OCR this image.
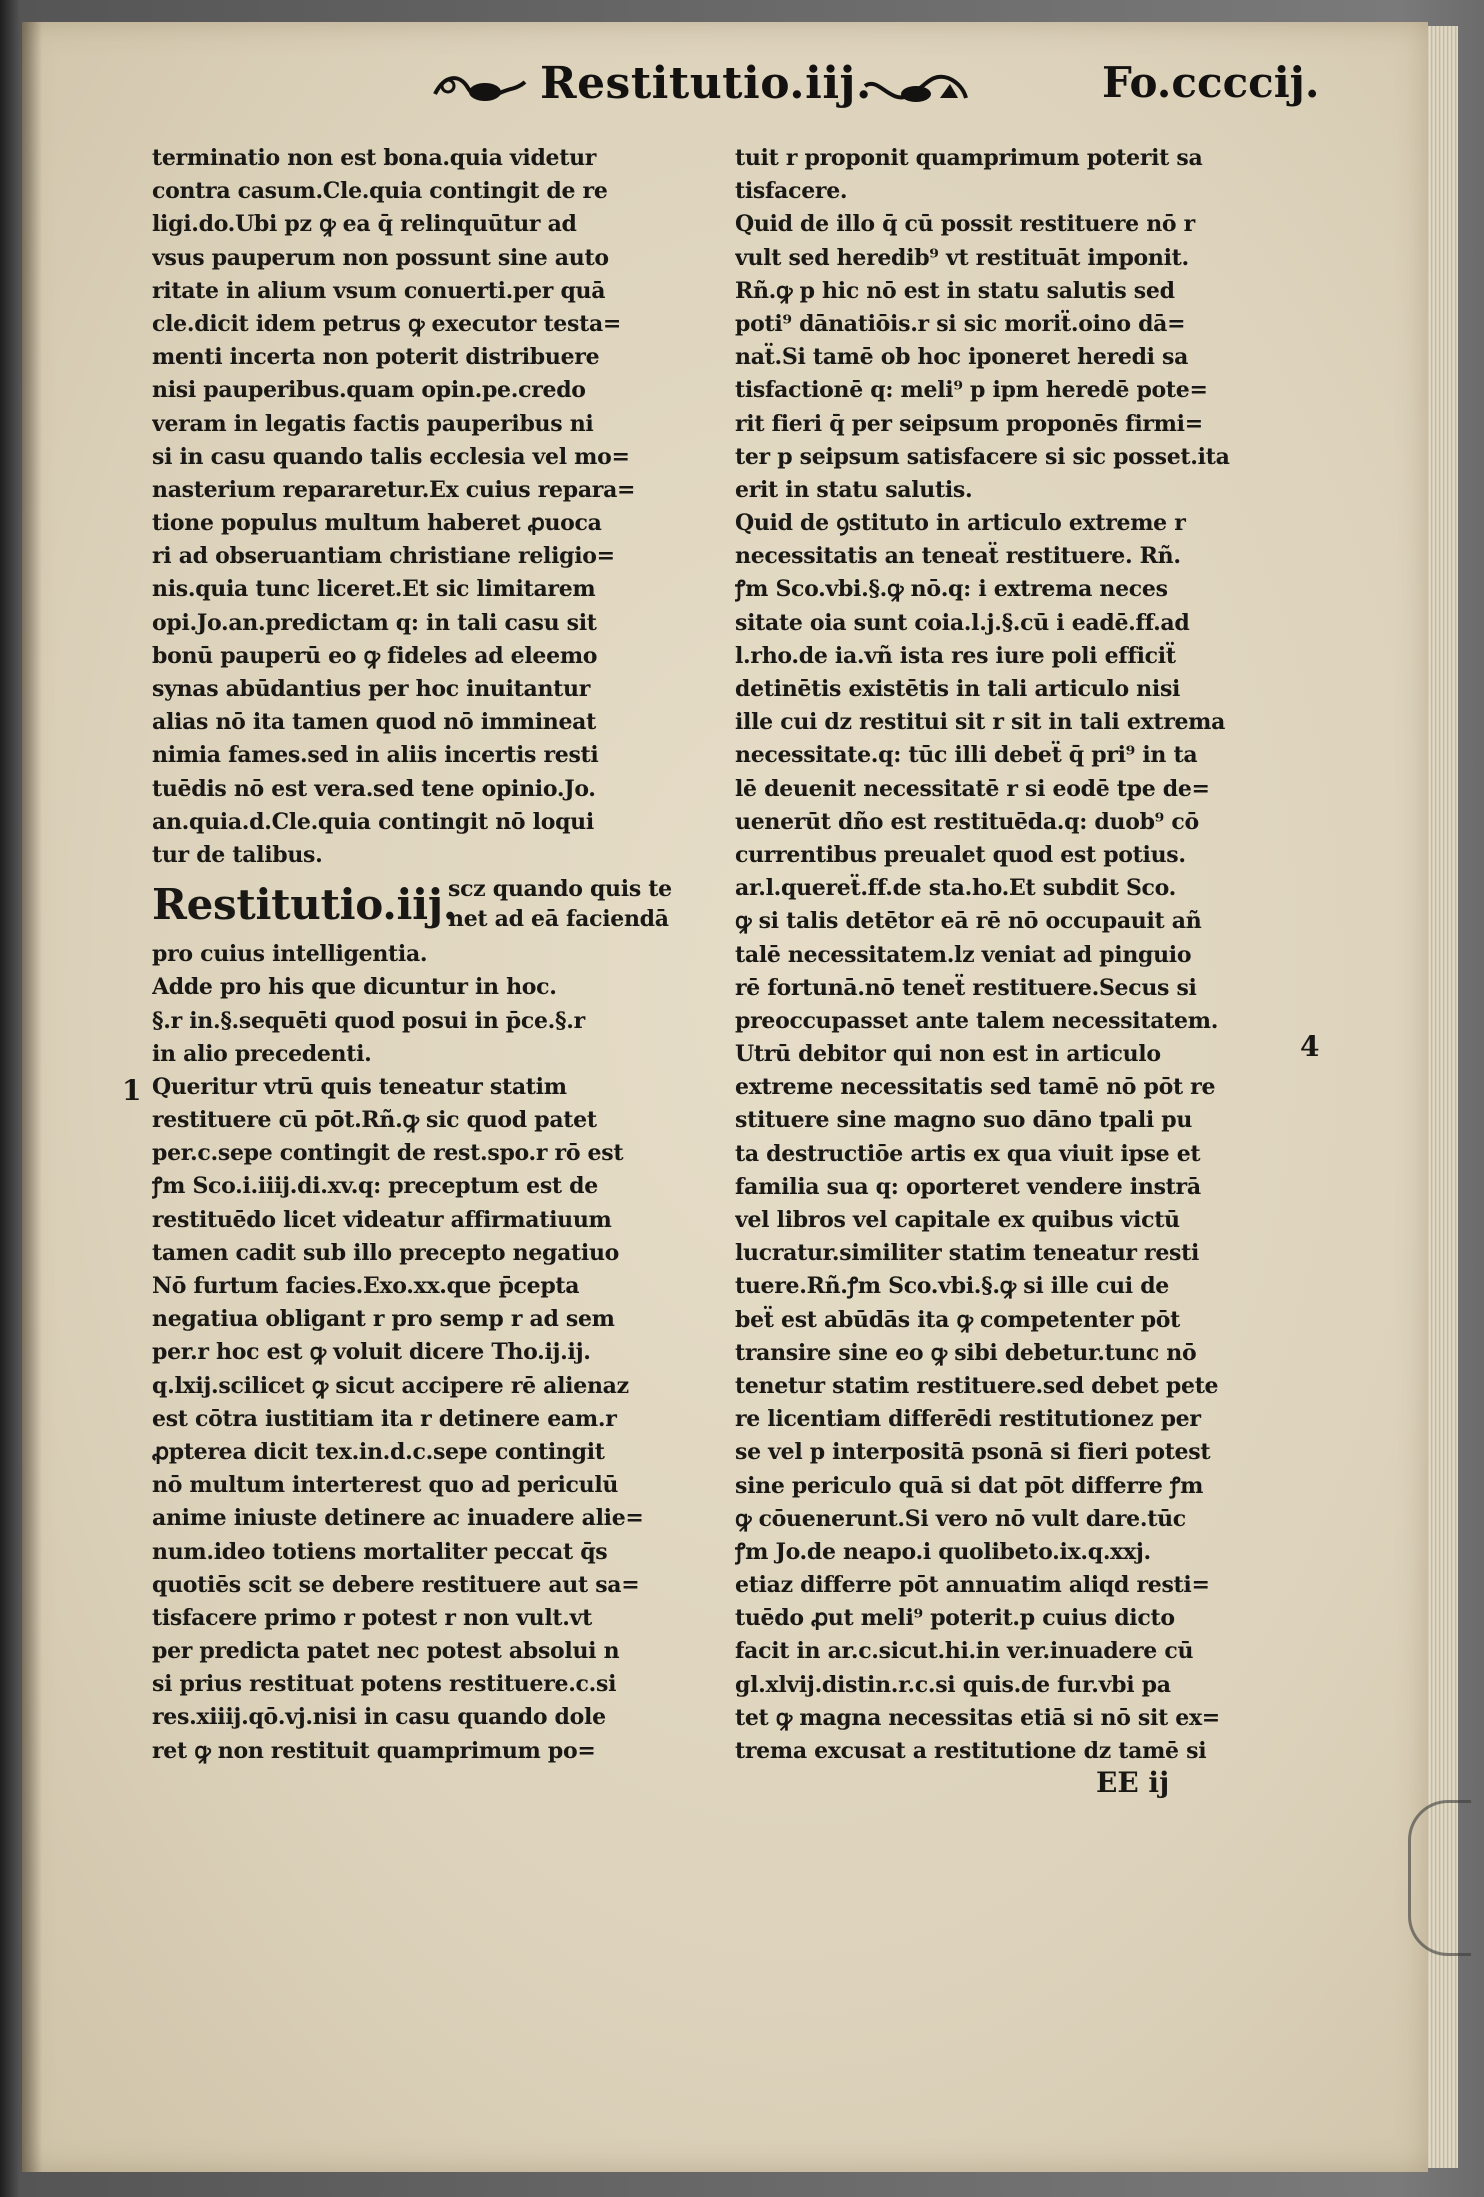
Restitutio.iij.	Fo.ccccij.
terminatio non est bona.quia videtur
contra casum.Cle.quia contingit de re
ligi.do.Ubi pz ꝙ ea q̄ relinquūtur ad
vsus pauperum non possunt sine auto
ritate in alium vsum conuerti.per quā
cle.dicit idem petrus ꝙ executor testa=
menti incerta non poterit distribuere
nisi pauperibus.quam opin.pe.credo
veram in legatis factis pauperibus ni
si in casu quando talis ecclesia vel mo=
nasterium repararetur.Ex cuius repara=
tione populus multum haberet ꝓuoca
ri ad obseruantiam christiane religio=
nis.quia tunc liceret.Et sic limitarem
opi.Jo.an.predictam q: in tali casu sit
bonū pauperū eo ꝙ fideles ad eleemo
synas abūdantius per hoc inuitantur
alias nō ita tamen quod nō immineat
nimia fames.sed in aliis incertis resti
tuēdis nō est vera.sed tene opinio.Jo.
an.quia.d.Cle.quia contingit nō loqui
tur de talibus.
Restitutio.iij.
scz quando quis te
net ad eā faciendā
pro cuius intelligentia.
Adde pro his que dicuntur in hoc.
§.r in.§.sequēti quod posui in p̄ce.§.r
in alio precedenti.
Queritur vtrū quis teneatur statim
restituere cū pōt.Rñ.ꝙ sic quod patet
per.c.sepe contingit de rest.spo.r rō est
ꝭm Sco.i.iiij.di.xv.q: preceptum est de
restituēdo licet videatur affirmatiuum
tamen cadit sub illo precepto negatiuo
Nō furtum facies.Exo.xx.que p̄cepta
negatiua obligant r pro semp r ad sem
per.r hoc est ꝙ voluit dicere Tho.ij.ij.
q.lxij.scilicet ꝙ sicut accipere rē alienaz
est cōtra iustitiam ita r detinere eam.r
ꝓpterea dicit tex.in.d.c.sepe contingit
nō multum interterest quo ad periculū
anime iniuste detinere ac inuadere alie=
num.ideo totiens mortaliter peccat q̄s
quotiēs scit se debere restituere aut sa=
tisfacere primo r potest r non vult.vt
per predicta patet nec potest absolui n
si prius restituat potens restituere.c.si
res.xiiij.qō.vj.nisi in casu quando dole
ret ꝙ non restituit quamprimum po=
1
tuit r proponit quamprimum poterit sa
tisfacere.
Quid de illo q̄ cū possit restituere nō r
vult sed heredib⁹ vt restituāt imponit.
Rñ.ꝙ p hic nō est in statu salutis sed
poti⁹ dānatiōis.r si sic moriẗ.oino dā=
naẗ.Si tamē ob hoc iponeret heredi sa
tisfactionē q: meli⁹ p ipm heredē pote=
rit fieri q̄ per seipsum proponēs firmi=
ter p seipsum satisfacere si sic posset.ita
erit in statu salutis.
Quid de ꝯstituto in articulo extreme r
necessitatis an teneaẗ restituere. Rñ.
ꝭm Sco.vbi.§.ꝙ nō.q: i extrema neces
sitate oia sunt coia.l.j.§.cū i eadē.ff.ad
l.rho.de ia.vñ ista res iure poli efficiẗ
detinētis existētis in tali articulo nisi
ille cui dz restitui sit r sit in tali extrema
necessitate.q: tūc illi debeẗ q̄ pri⁹ in ta
lē deuenit necessitatē r si eodē tpe de=
uenerūt dño est restituēda.q: duob⁹ cō
currentibus preualet quod est potius.
ar.l.quereẗ.ff.de sta.ho.Et subdit Sco.
ꝙ si talis detētor eā rē nō occupauit añ
talē necessitatem.lz veniat ad pinguio
rē fortunā.nō teneẗ restituere.Secus si
preoccupasset ante talem necessitatem.
Utrū debitor qui non est in articulo
extreme necessitatis sed tamē nō pōt re
stituere sine magno suo dāno tpali pu
ta destructiōe artis ex qua viuit ipse et
familia sua q: oporteret vendere instrā
vel libros vel capitale ex quibus victū
lucratur.similiter statim teneatur resti
tuere.Rñ.ꝭm Sco.vbi.§.ꝙ si ille cui de
beẗ est abūdās ita ꝙ competenter pōt
transire sine eo ꝙ sibi debetur.tunc nō
tenetur statim restituere.sed debet pete
re licentiam differēdi restitutionez per
se vel p interpositā psonā si fieri potest
sine periculo quā si dat pōt differre ꝭm
ꝙ cōuenerunt.Si vero nō vult dare.tūc
ꝭm Jo.de neapo.i quolibeto.ix.q.xxj.
etiaz differre pōt annuatim aliqd resti=
tuēdo ꝓut meli⁹ poterit.p cuius dicto
facit in ar.c.sicut.hi.in ver.inuadere cū
gl.xlvij.distin.r.c.si quis.de fur.vbi pa
tet ꝙ magna necessitas etiā si nō sit ex=
trema excusat a restitutione dz tamē si
4
EE ij
